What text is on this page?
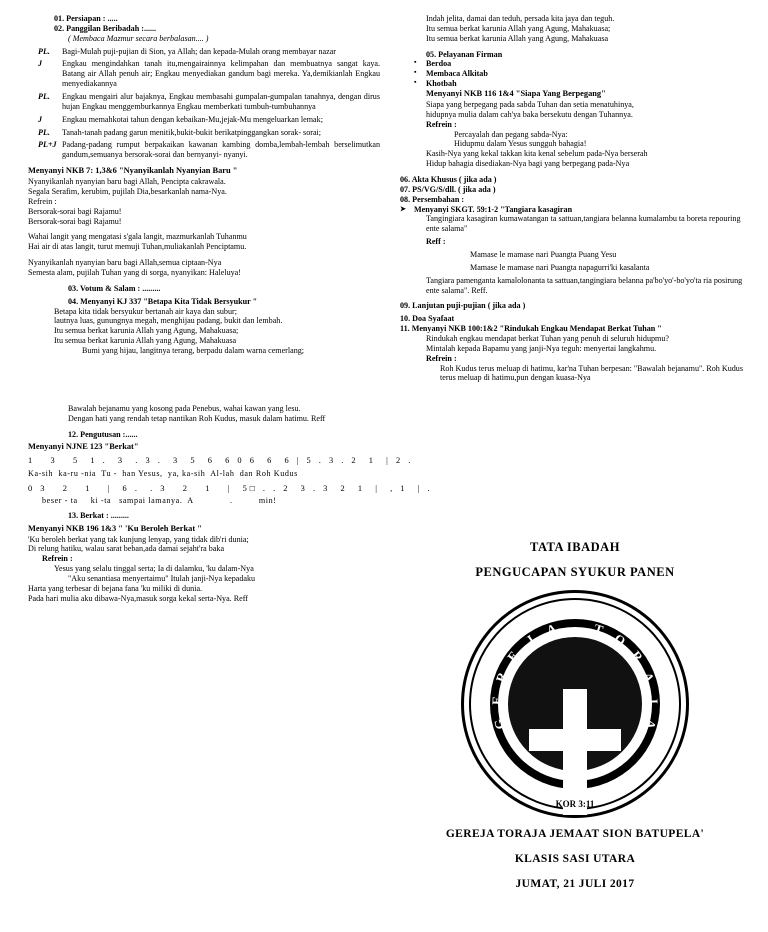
01. Persiapan : .....

02. Panggilan Beribadah :......

( Membaca Mazmur secara berbalasan.... )

PL.	Bagi-Mulah puji-pujian di Sion, ya Allah; dan kepada-Mulah orang membayar nazar
J	Engkau mengindahkan tanah itu,mengairainnya kelimpahan dan membuatnya sangat kaya. Batang air Allah penuh air; Engkau menyediakan gandum bagi mereka. Ya,demikianlah Engkau menyediakannya
PL.	Engkau mengairi alur bajaknya, Engkau membasahi gumpalan-gumpalan tanahnya, dengan dirus hujan Engkau menggemburkannya Engkau memberkati tumbuh-tumbuhannya
J	Engkau memahkotai tahun dengan kebaikan-Mu,jejak-Mu mengeluarkan lemak;
PL.	Tanah-tanah padang garun menitik,bukit-bukit berikatpinggangkan sorak- sorai;
PL+J Padang-padang rumput berpakaikan kawanan kambing domba,lembah-lembah berselimutkan gandum,semuanya bersorak-sorai dan bernyanyi- nyanyi.

Menyanyi NKB 7: 1,3&6 "Nyanyikanlah Nyanyian Baru "

Nyanyikanlah nyanyian baru bagi Allah, Pencipta cakrawala.

Segala Serafim, kerubim, pujilah Dia,besarkanlah nama-Nya.

Refrein :

Bersorak-sorai bagi Rajamu!

Bersorak-sorai bagi Rajamu!

Wahai langit yang mengatasi s'gala langit, mazmurkanlah Tuhanmu

Hai air di atas langit, turut memuji Tuhan,muliakanlah Penciptamu.

Nyanyikanlah nyanyian baru bagi Allah,semua ciptaan-Nya

Semesta alam, pujilah Tuhan yang di sorga, nyanyikan: Haleluya!

03. Votum & Salam : .........

04. Menyanyi KJ 337 "Betapa Kita Tidak Bersyukur "

Betapa kita tidak bersyukur bertanah air kaya dan subur;

lautnya luas, gunungnya megah, menghijau padang, bukit dan lembah.

Itu semua berkat karunia Allah yang Agung, Mahakuasa;

Itu semua berkat karunia Allah yang Agung, Mahakuasa

Bumi yang hijau, langitnya terang, berpadu dalam warna cemerlang;

Bawalah bejanamu yang kosong pada Penebus, wahai kawan yang lesu.

Dengan hati yang rendah tetap nantikan Roh Kudus, masuk dalam hatimu. Reff

12. Pengutusan :......

Menyanyi NJNE 123 "Berkat"

1   3   5  1 .  3  . 3 .  3  5  6  6 0 6  6  6 | 5 . 3 . 2  1  | 2 .
Ka-sih  ka-ru -nia  Tu -  han Yesus,  ya, ka-sih  Al-lah  dan Roh Kudus
0 3   2   1   |  6 .  . 3   2   1   |  5□ . . 2  3 . 3  2  1  |  , 1  | .
beser - ta     ki -ta   sampai lamanya.  A              .          min!

13. Berkat : .........

Menyanyi NKB 196 1&3 " 'Ku Beroleh Berkat "

'Ku beroleh berkat yang tak kunjung lenyap, yang tidak dib'ri dunia;

Di relung hatiku, walau sarat beban,ada damai sejaht'ra baka

Refrein :

Yesus yang selalu tinggal serta; Ia di dalamku, 'ku dalam-Nya

"Aku senantiasa menyertaimu" Itulah janji-Nya kepadaku

Harta yang terbesar di bejana fana 'ku miliki di dunia.

Pada hari mulia aku dibawa-Nya,masuk sorga kekal serta-Nya. Reff

Indah jelita, damai dan teduh, persada kita jaya dan teguh.

Itu semua berkat karunia Allah yang Agung, Mahakuasa;

Itu semua berkat karunia Allah yang Agung, Mahakuasa

05. Pelayanan Firman

▪ Berdoa

▪ Membaca Alkitab

▪ Khotbah

Menyanyi NKB 116 1&4 "Siapa Yang Berpegang"

Siapa yang berpegang pada sabda Tuhan dan setia menatuhinya,

hidupnya mulia dalam cah'ya baka bersekutu dengan Tuhannya.

Refrein :

Percayalah dan pegang sabda-Nya:

Hidupmu dalam Yesus sungguh bahagia!

Kasih-Nya yang kekal takkan kita kenal sebelum pada-Nya berserah

Hidup bahagia disediakan-Nya bagi yang berpegang pada-Nya

06. Akta Khusus ( jika ada )

07. PS/VG/S/dll. ( jika ada )

08. Persembahan :

➤ Menyanyi SKGT. 59:1-2 "Tangiara kasagiran

Tangingiara kasagiran kumawatangan ta sattuan,tangiara belanna kumalambu ta boreta repouring ente salama"

Reff :

Mamase le mamase nari Puangta Puang Yesu

Mamase le mamase nari Puangta napagurri'ki kasalanta

Tangiara pamenganta kamalolonanta ta sattuan,tangingiara belanna pa'bo'yo'-bo'yo'ta ria posirung ente salama". Reff.

09. Lanjutan puji-pujian ( jika ada )

10. Doa Syafaat

11. Menyanyi NKB 100:1&2 "Rindukah Engkau Mendapat Berkat Tuhan "

Rindukah engkau mendapat berkat Tuhan yang penuh di seluruh hidupmu?

Mintalah kepada Bapamu yang janji-Nya teguh: menyertai langkahmu.

Refrein :

Roh Kudus terus meluap di hatimu, kar'na Tuhan berpesan: "Bawalah bejanamu". Roh Kudus terus meluap di hatimu,pun dengan kuasa-Nya

TATA IBADAH

PENGUCAPAN SYUKUR PANEN

G
E
R
E
J
A	T
O
R
A
J
A
KOR 3:11

GEREJA TORAJA JEMAAT SION BATUPELA'

KLASIS SASI UTARA

JUMAT, 21 JULI 2017
